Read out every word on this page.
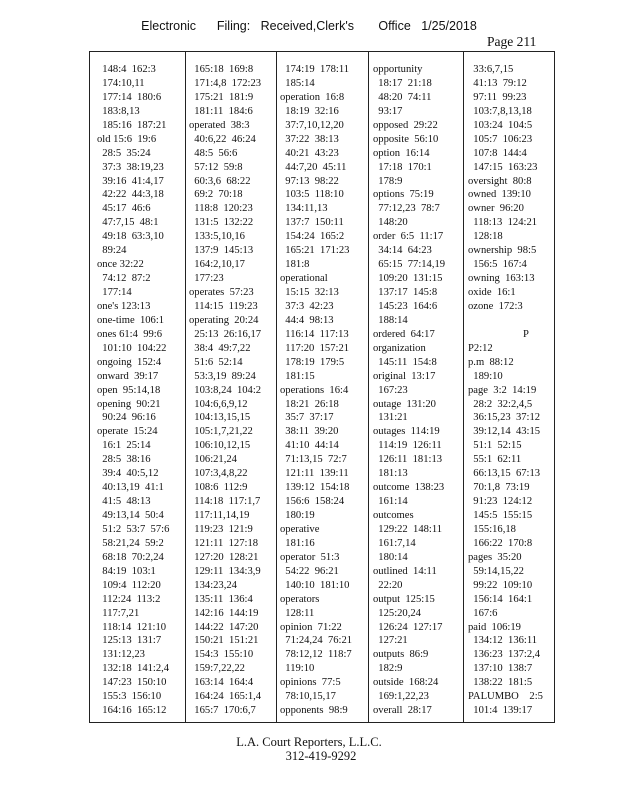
Electronic      Filing:   Received,Clerk's       Office   1/25/2018
Page 211
148:4  162:3
174:10,11
177:14  180:6
183:8,13
185:16  187:21
old 15:6  19:6
28:5  35:24
37:3  38:19,23
39:16  41:4,17
42:22  44:3,18
45:17  46:6
47:7,15  48:1
49:18  63:3,10
89:24
once 32:22
74:12  87:2
177:14
one's 123:13
one-time  106:1
ones 61:4  99:6
101:10  104:22
ongoing  152:4
onward  39:17
open  95:14,18
opening  90:21
90:24  96:16
operate  15:24
16:1  25:14
28:5  38:16
39:4  40:5,12
40:13,19  41:1
41:5  48:13
49:13,14  50:4
51:2  53:7  57:6
58:21,24  59:2
68:18  70:2,24
84:19  103:1
109:4  112:20
112:24  113:2
117:7,21
118:14  121:10
125:13  131:7
131:12,23
132:18  141:2,4
147:23  150:10
155:3  156:10
164:16  165:12
165:18  169:8
171:4,8  172:23
175:21  181:9
181:11  184:6
operated  38:3
40:6,22  46:24
48:5  56:6
57:12  59:8
60:3,6  68:22
69:2  70:18
118:8  120:23
131:5  132:22
133:5,10,16
137:9  145:13
164:2,10,17
177:23
operates  57:23
114:15  119:23
operating  20:24
25:13  26:16,17
38:4  49:7,22
51:6  52:14
53:3,19  89:24
103:8,24  104:2
104:6,6,9,12
104:13,15,15
105:1,7,21,22
106:10,12,15
106:21,24
107:3,4,8,22
108:6  112:9
114:18  117:1,7
117:11,14,19
119:23  121:9
121:11  127:18
127:20  128:21
129:11  134:3,9
134:23,24
135:11  136:4
142:16  144:19
144:22  147:20
150:21  151:21
154:3  155:10
159:7,22,22
163:14  164:4
164:24  165:1,4
165:7  170:6,7
174:19  178:11
185:14
operation  16:8
18:19  32:16
37:7,10,12,20
37:22  38:13
40:21  43:23
44:7,20  45:11
97:13  98:22
103:5  118:10
134:11,13
137:7  150:11
154:24  165:2
165:21  171:23
181:8
operational
15:15  32:13
37:3  42:23
44:4  98:13
116:14  117:13
117:20  157:21
178:19  179:5
181:15
operations  16:4
18:21  26:18
35:7  37:17
38:11  39:20
41:10  44:14
71:13,15  72:7
121:11  139:11
139:12  154:18
156:6  158:24
180:19
operative
181:16
operator  51:3
54:22  96:21
140:10  181:10
operators
128:11
opinion  71:22
71:24,24  76:21
78:12,12  118:7
119:10
opinions  77:5
78:10,15,17
opponents  98:9
opportunity
18:17  21:18
48:20  74:11
93:17
opposed  29:22
opposite  56:10
option  16:14
17:18  170:1
178:9
options  75:19
77:12,23  78:7
148:20
order  6:5  11:17
34:14  64:23
65:15  77:14,19
109:20  131:15
137:17  145:8
145:23  164:6
188:14
ordered  64:17
organization
145:11  154:8
original  13:17
167:23
outage  131:20
131:21
outages  114:19
114:19  126:11
126:11  181:13
181:13
outcome  138:23
161:14
outcomes
129:22  148:11
161:7,14
180:14
outlined  14:11
22:20
output  125:15
125:20,24
126:24  127:17
127:21
outputs  86:9
182:9
outside  168:24
169:1,22,23
overall  28:17
33:6,7,15
41:13  79:12
97:11  99:23
103:7,8,13,18
103:24  104:5
105:7  106:23
107:8  144:4
147:15  163:23
oversight  80:8
owned  139:10
owner  96:20
118:13  124:21
128:18
ownership  98:5
156:5  167:4
owning  163:13
oxide  16:1
ozone  172:3
P
P2:12
p.m  88:12
189:10
page  3:2  14:19
28:2  32:2,4,5
36:15,23  37:12
39:12,14  43:15
51:1  52:15
55:1  62:11
66:13,15  67:13
70:1,8  73:19
91:23  124:12
145:5  155:15
155:16,18
166:22  170:8
pages  35:20
59:14,15,22
99:22  109:10
156:14  164:1
167:6
paid  106:19
134:12  136:11
136:23  137:2,4
137:10  138:7
138:22  181:5
PALUMBO    2:5
101:4  139:17
L.A. Court Reporters, L.L.C.
312-419-9292
